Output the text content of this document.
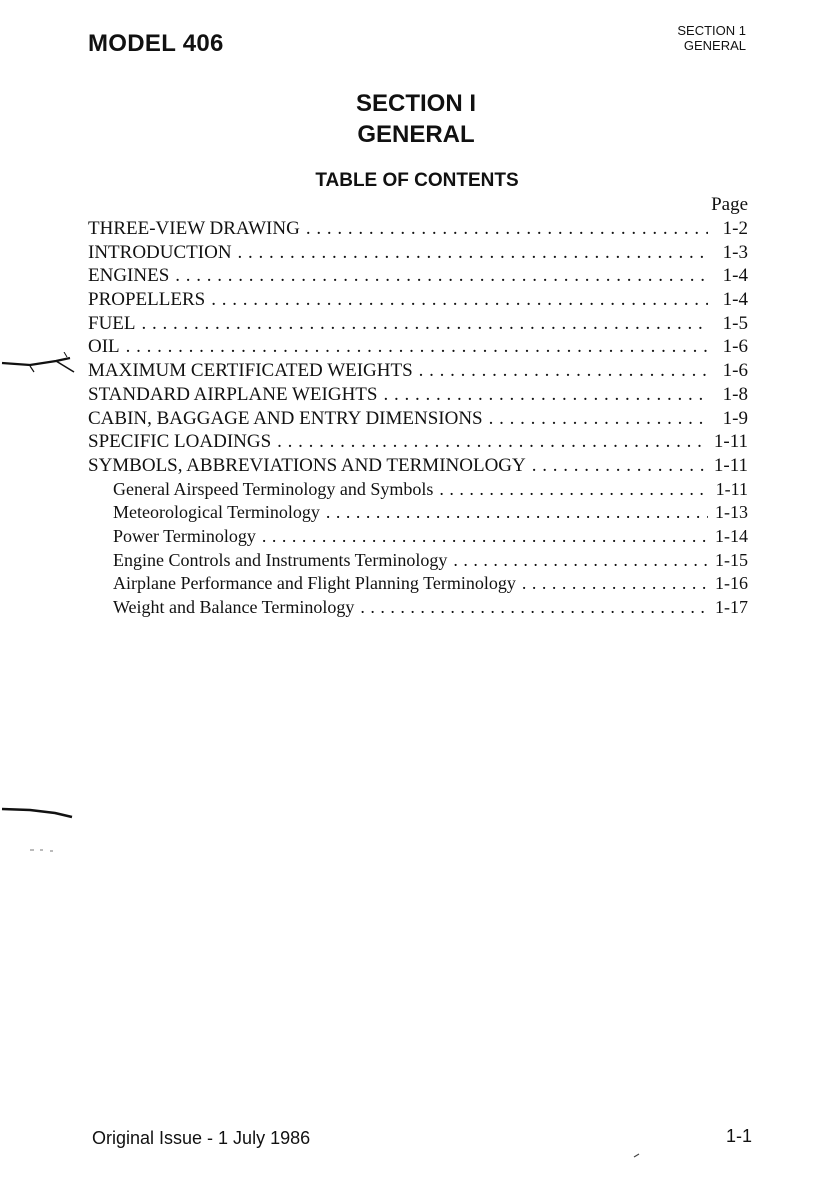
MODEL 406	SECTION 1
GENERAL
SECTION I
GENERAL
TABLE OF CONTENTS
Page
THREE-VIEW DRAWING . . .	1-2
INTRODUCTION . . .	1-3
ENGINES . . .	1-4
PROPELLERS . . .	1-4
FUEL . . .	1-5
OIL . . .	1-6
MAXIMUM CERTIFICATED WEIGHTS . . .	1-6
STANDARD AIRPLANE WEIGHTS . . .	1-8
CABIN, BAGGAGE AND ENTRY DIMENSIONS . . .	1-9
SPECIFIC LOADINGS . . .	1-11
SYMBOLS, ABBREVIATIONS AND TERMINOLOGY . . .	1-11
General Airspeed Terminology and Symbols . . .	1-11
Meteorological Terminology . . .	1-13
Power Terminology . . .	1-14
Engine Controls and Instruments Terminology . . .	1-15
Airplane Performance and Flight Planning Terminology . . .	1-16
Weight and Balance Terminology . . .	1-17
Original Issue - 1 July 1986	1-1
